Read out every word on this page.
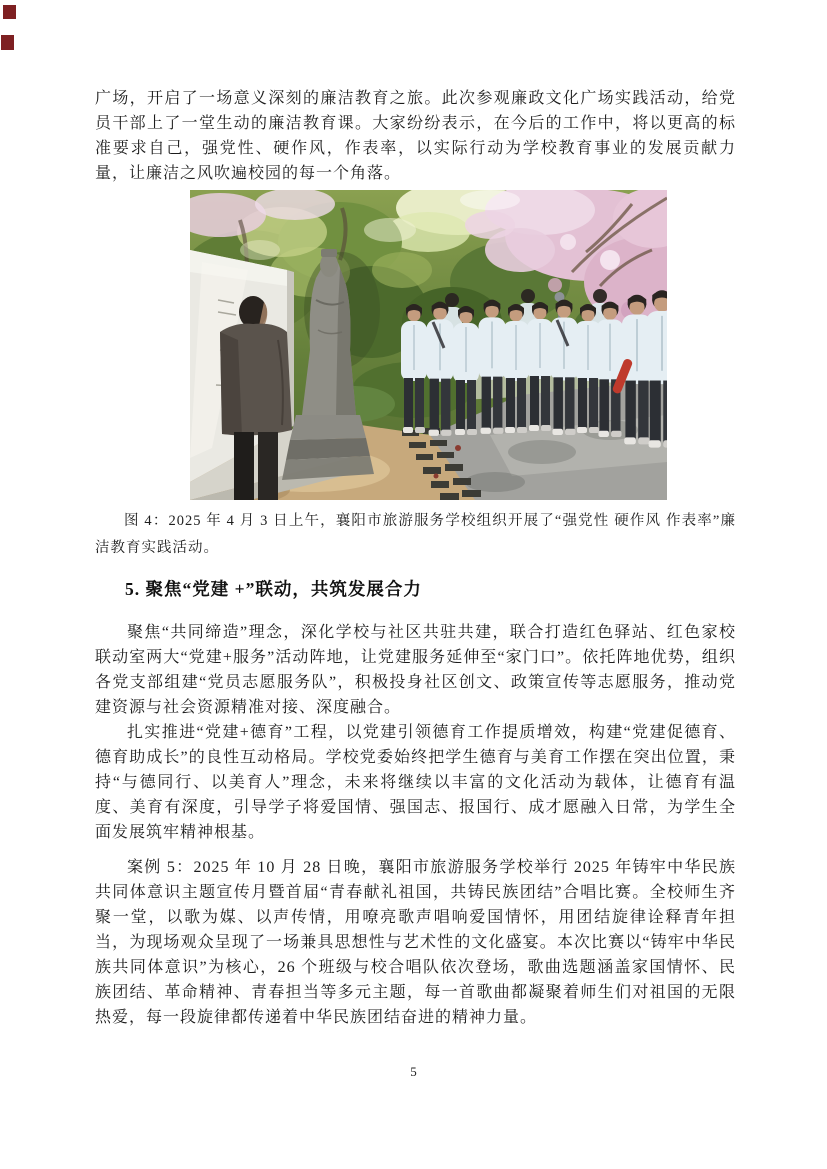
广场，开启了一场意义深刻的廉洁教育之旅。此次参观廉政文化广场实践活动，给党员干部上了一堂生动的廉洁教育课。大家纷纷表示，在今后的工作中，将以更高的标准要求自己，强党性、硬作风，作表率，以实际行动为学校教育事业的发展贡献力量，让廉洁之风吹遍校园的每一个角落。

图 4：2025 年 4 月 3 日上午，襄阳市旅游服务学校组织开展了“强党性 硬作风 作表率”廉洁教育实践活动。
5. 聚焦“党建 +”联动，共筑发展合力

聚焦“共同缔造”理念，深化学校与社区共驻共建，联合打造红色驿站、红色家校联动室两大“党建+服务”活动阵地，让党建服务延伸至“家门口”。依托阵地优势，组织各党支部组建“党员志愿服务队”，积极投身社区创文、政策宣传等志愿服务，推动党建资源与社会资源精准对接、深度融合。

扎实推进“党建+德育”工程，以党建引领德育工作提质增效，构建“党建促德育、德育助成长”的良性互动格局。学校党委始终把学生德育与美育工作摆在突出位置，秉持“与德同行、以美育人”理念，未来将继续以丰富的文化活动为载体，让德育有温度、美育有深度，引导学子将爱国情、强国志、报国行、成才愿融入日常，为学生全面发展筑牢精神根基。

案例 5：2025 年 10 月 28 日晚，襄阳市旅游服务学校举行 2025 年铸牢中华民族共同体意识主题宣传月暨首届“青春献礼祖国，共铸民族团结”合唱比赛。全校师生齐聚一堂，以歌为媒、以声传情，用嘹亮歌声唱响爱国情怀，用团结旋律诠释青年担当，为现场观众呈现了一场兼具思想性与艺术性的文化盛宴。本次比赛以“铸牢中华民族共同体意识”为核心，26 个班级与校合唱队依次登场，歌曲选题涵盖家国情怀、民族团结、革命精神、青春担当等多元主题，每一首歌曲都凝聚着师生们对祖国的无限热爱，每一段旋律都传递着中华民族团结奋进的精神力量。

5
